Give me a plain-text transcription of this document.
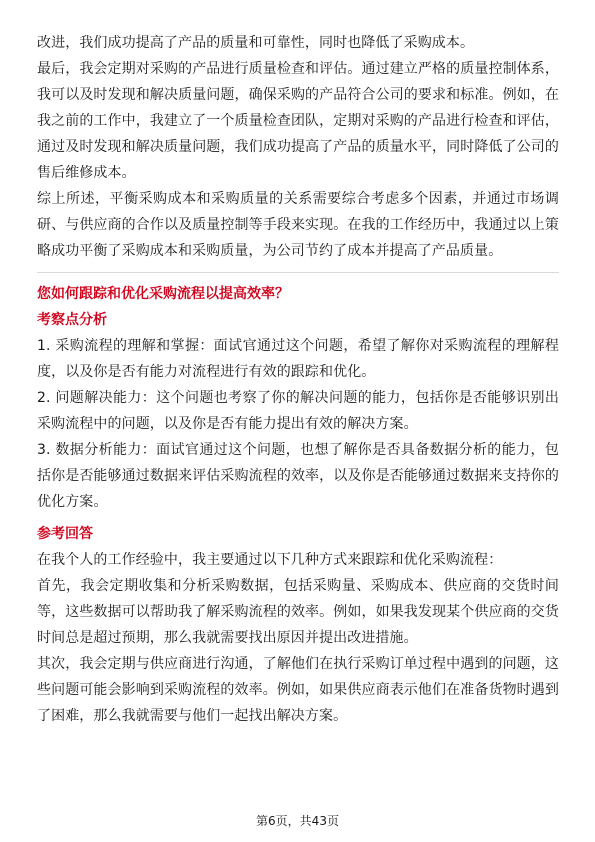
改进，我们成功提高了产品的质量和可靠性，同时也降低了采购成本。

最后，我会定期对采购的产品进行质量检查和评估。通过建立严格的质量控制体系，我可以及时发现和解决质量问题，确保采购的产品符合公司的要求和标准。例如，在我之前的工作中，我建立了一个质量检查团队，定期对采购的产品进行检查和评估，通过及时发现和解决质量问题，我们成功提高了产品的质量水平，同时降低了公司的售后维修成本。

综上所述，平衡采购成本和采购质量的关系需要综合考虑多个因素，并通过市场调研、与供应商的合作以及质量控制等手段来实现。在我的工作经历中，我通过以上策略成功平衡了采购成本和采购质量，为公司节约了成本并提高了产品质量。

您如何跟踪和优化采购流程以提高效率？
考察点分析

1. 采购流程的理解和掌握：面试官通过这个问题，希望了解你对采购流程的理解程度，以及你是否有能力对流程进行有效的跟踪和优化。

2. 问题解决能力：这个问题也考察了你的解决问题的能力，包括你是否能够识别出采购流程中的问题，以及你是否有能力提出有效的解决方案。

3. 数据分析能力：面试官通过这个问题，也想了解你是否具备数据分析的能力，包括你是否能够通过数据来评估采购流程的效率，以及你是否能够通过数据来支持你的优化方案。

参考回答

在我个人的工作经验中，我主要通过以下几种方式来跟踪和优化采购流程：

首先，我会定期收集和分析采购数据，包括采购量、采购成本、供应商的交货时间等，这些数据可以帮助我了解采购流程的效率。例如，如果我发现某个供应商的交货时间总是超过预期，那么我就需要找出原因并提出改进措施。

其次，我会定期与供应商进行沟通，了解他们在执行采购订单过程中遇到的问题，这些问题可能会影响到采购流程的效率。例如，如果供应商表示他们在准备货物时遇到了困难，那么我就需要与他们一起找出解决方案。

第6页，共43页
